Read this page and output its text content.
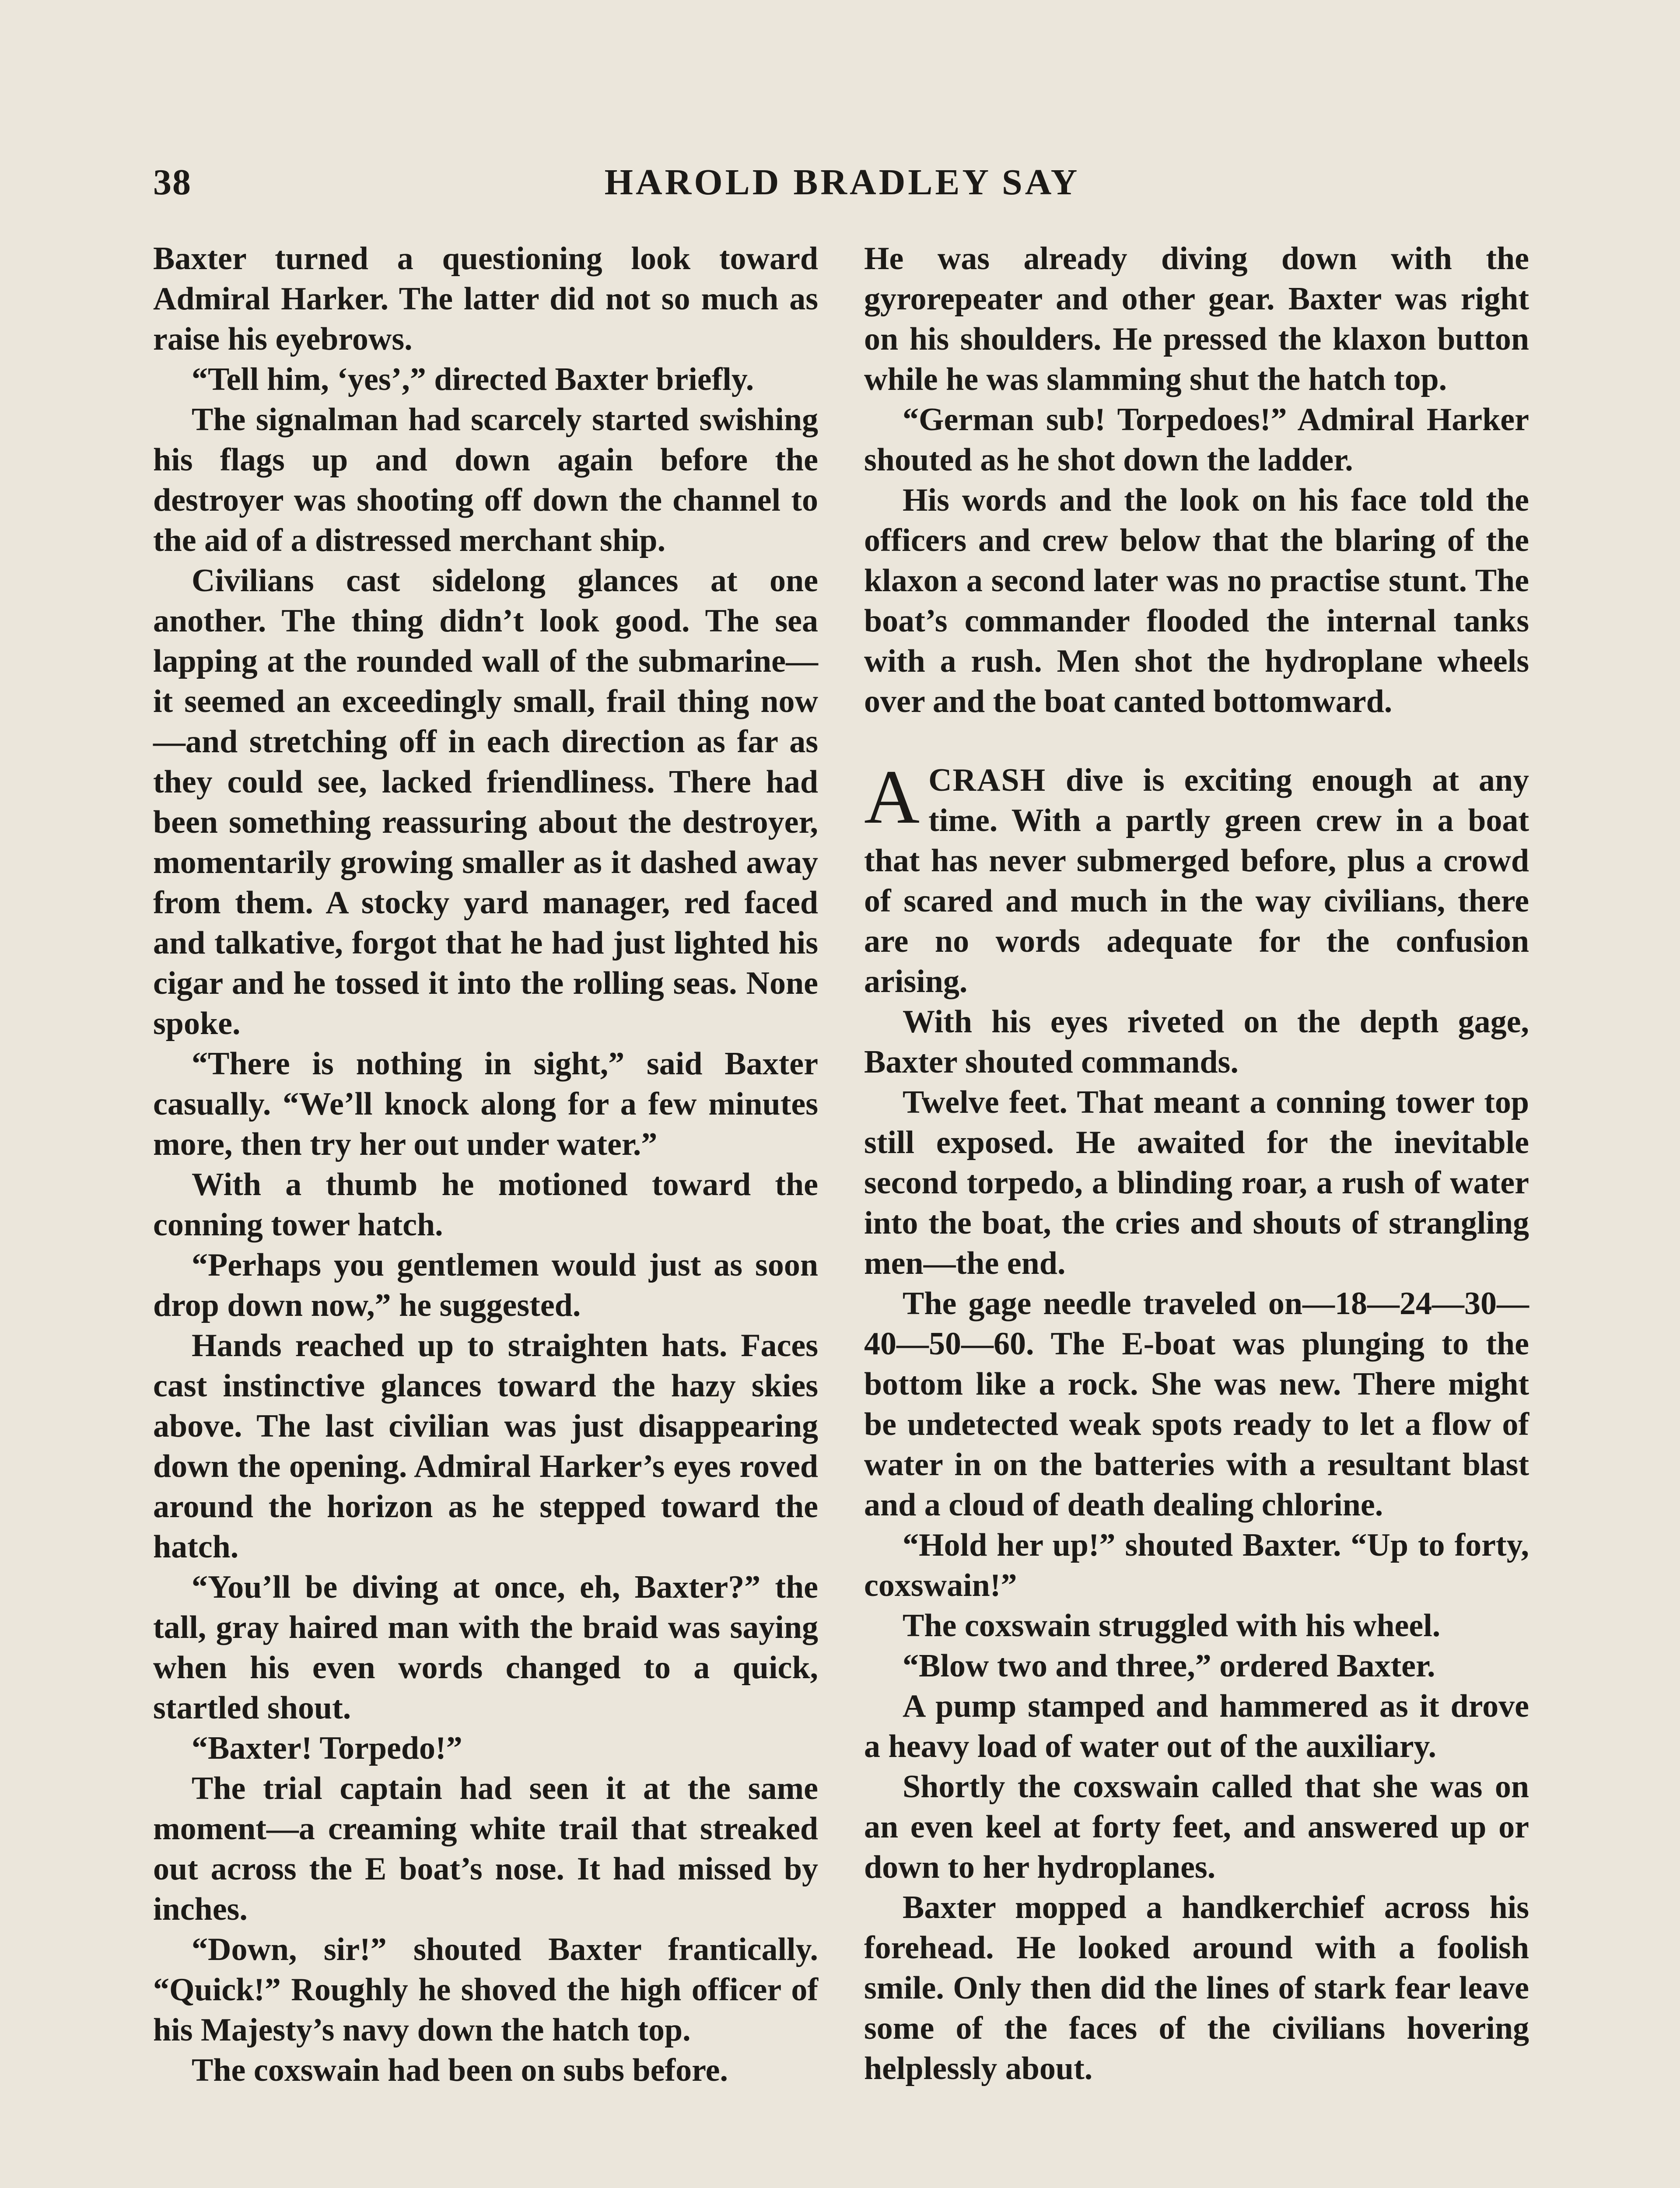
38	HAROLD BRADLEY SAY

Baxter turned a questioning look toward Admiral Harker. The latter did not so much as raise his eyebrows.

“Tell him, ‘yes’,” directed Baxter briefly.

The signalman had scarcely started swishing his flags up and down again before the destroyer was shooting off down the channel to the aid of a distressed merchant ship.

Civilians cast sidelong glances at one another. The thing didn’t look good. The sea lapping at the rounded wall of the submarine—it seemed an exceedingly small, frail thing now—and stretching off in each direction as far as they could see, lacked friendliness. There had been something reassuring about the destroyer, momentarily growing smaller as it dashed away from them. A stocky yard manager, red faced and talkative, forgot that he had just lighted his cigar and he tossed it into the rolling seas. None spoke.

“There is nothing in sight,” said Baxter casually. “We’ll knock along for a few minutes more, then try her out under water.”

With a thumb he motioned toward the conning tower hatch.

“Perhaps you gentlemen would just as soon drop down now,” he suggested.

Hands reached up to straighten hats. Faces cast instinctive glances toward the hazy skies above. The last civilian was just disappearing down the opening. Admiral Harker’s eyes roved around the horizon as he stepped toward the hatch.

“You’ll be diving at once, eh, Baxter?” the tall, gray haired man with the braid was saying when his even words changed to a quick, startled shout.

“Baxter! Torpedo!”

The trial captain had seen it at the same moment—a creaming white trail that streaked out across the E boat’s nose. It had missed by inches.

“Down, sir!” shouted Baxter frantically. “Quick!” Roughly he shoved the high officer of his Majesty’s navy down the hatch top.

The coxswain had been on subs before.

He was already diving down with the gyrorepeater and other gear. Baxter was right on his shoulders. He pressed the klaxon button while he was slamming shut the hatch top.

“German sub! Torpedoes!” Admiral Harker shouted as he shot down the ladder.

His words and the look on his face told the officers and crew below that the blaring of the klaxon a second later was no practise stunt. The boat’s commander flooded the internal tanks with a rush. Men shot the hydroplane wheels over and the boat canted bottomward.

ACRASH dive is exciting enough at any time. With a partly green crew in a boat that has never submerged before, plus a crowd of scared and much in the way civilians, there are no words adequate for the confusion arising.

With his eyes riveted on the depth gage, Baxter shouted commands.

Twelve feet. That meant a conning tower top still exposed. He awaited for the inevitable second torpedo, a blinding roar, a rush of water into the boat, the cries and shouts of strangling men—the end.

The gage needle traveled on—18—24—30—40—50—60. The E-boat was plunging to the bottom like a rock. She was new. There might be undetected weak spots ready to let a flow of water in on the batteries with a resultant blast and a cloud of death dealing chlorine.

“Hold her up!” shouted Baxter. “Up to forty, coxswain!”

The coxswain struggled with his wheel.

“Blow two and three,” ordered Baxter.

A pump stamped and hammered as it drove a heavy load of water out of the auxiliary.

Shortly the coxswain called that she was on an even keel at forty feet, and answered up or down to her hydroplanes.

Baxter mopped a handkerchief across his forehead. He looked around with a foolish smile. Only then did the lines of stark fear leave some of the faces of the civilians hovering helplessly about.
